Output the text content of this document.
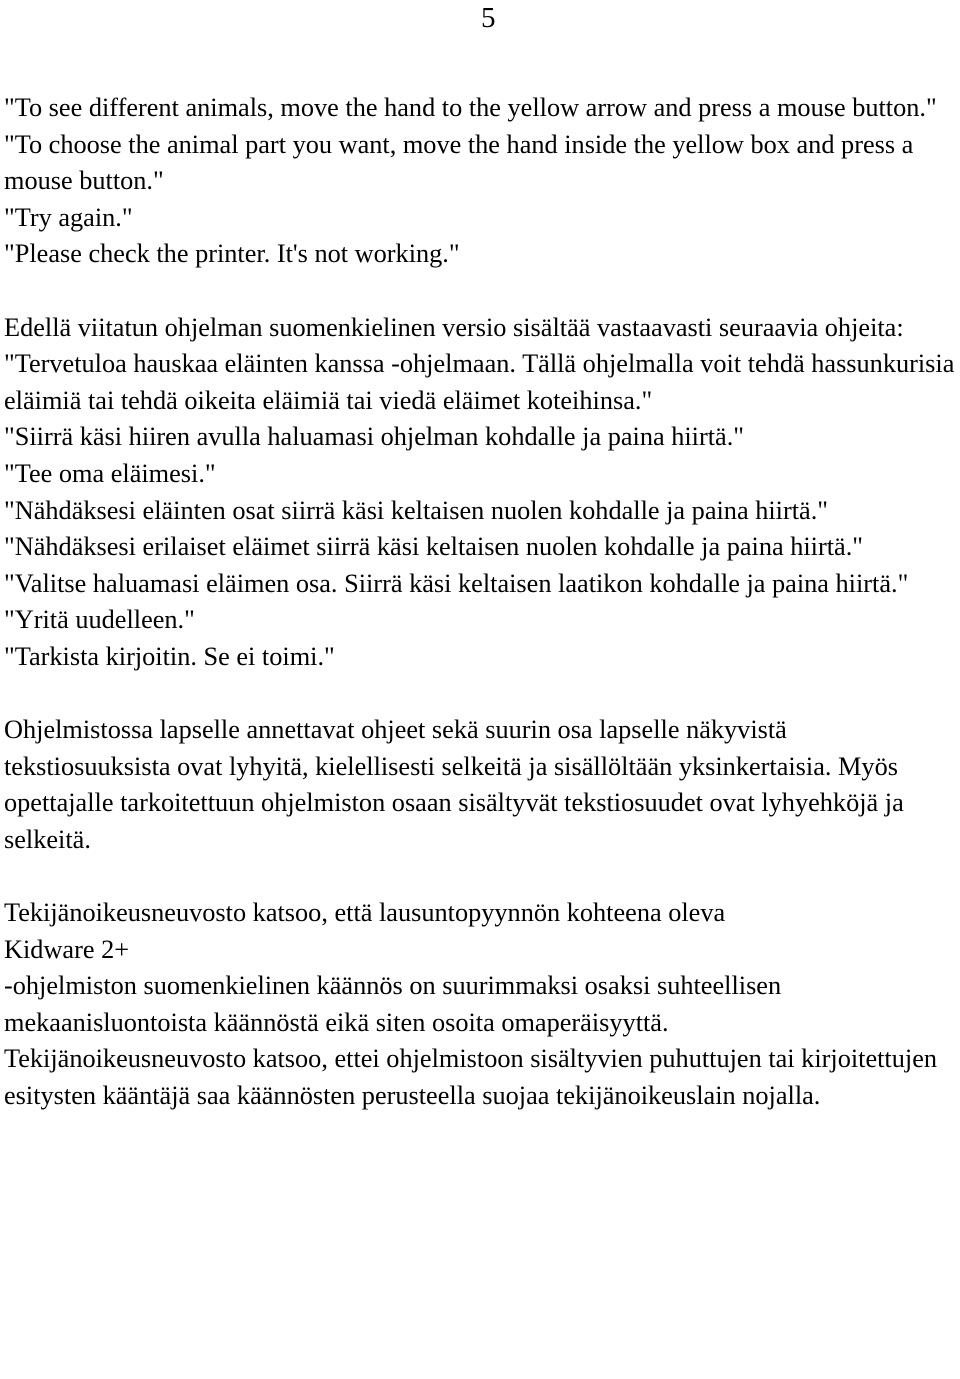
5

"To see different animals, move the hand to the yellow arrow and press a mouse button."

"To choose the animal part you want, move the hand inside the yellow box and press a mouse button."

"Try again."

"Please check the printer. It's not working."

Edellä viitatun ohjelman suomenkielinen versio sisältää vastaavasti seuraavia ohjeita:

"Tervetuloa hauskaa eläinten kanssa -ohjelmaan. Tällä ohjelmalla voit tehdä hassunkurisia eläimiä tai tehdä oikeita eläimiä tai viedä eläimet koteihinsa."

"Siirrä käsi hiiren avulla haluamasi ohjelman kohdalle ja paina hiirtä."

"Tee oma eläimesi."

"Nähdäksesi eläinten osat siirrä käsi keltaisen nuolen kohdalle ja paina hiirtä."

"Nähdäksesi erilaiset eläimet siirrä käsi keltaisen nuolen kohdalle ja paina hiirtä."

"Valitse haluamasi eläimen osa. Siirrä käsi keltaisen laatikon kohdalle ja paina hiirtä."

"Yritä uudelleen."

"Tarkista kirjoitin. Se ei toimi."

Ohjelmistossa lapselle annettavat ohjeet sekä suurin osa lapselle näkyvistä tekstiosuuksista ovat lyhyitä, kielellisesti selkeitä ja sisällöltään yksinkertaisia. Myös opettajalle tarkoitettuun ohjelmiston osaan sisältyvät tekstiosuudet ovat lyhyehköjä ja selkeitä.

Tekijänoikeusneuvosto katsoo, että lausuntopyynnön kohteena oleva

Kidware 2+

-ohjelmiston suomenkielinen käännös on suurimmaksi osaksi suhteellisen mekaanisluontoista käännöstä eikä siten osoita omaperäisyyttä.

Tekijänoikeusneuvosto katsoo, ettei ohjelmistoon sisältyvien puhuttujen tai kirjoitettujen esitysten kääntäjä saa käännösten perusteella suojaa tekijänoikeuslain nojalla.
